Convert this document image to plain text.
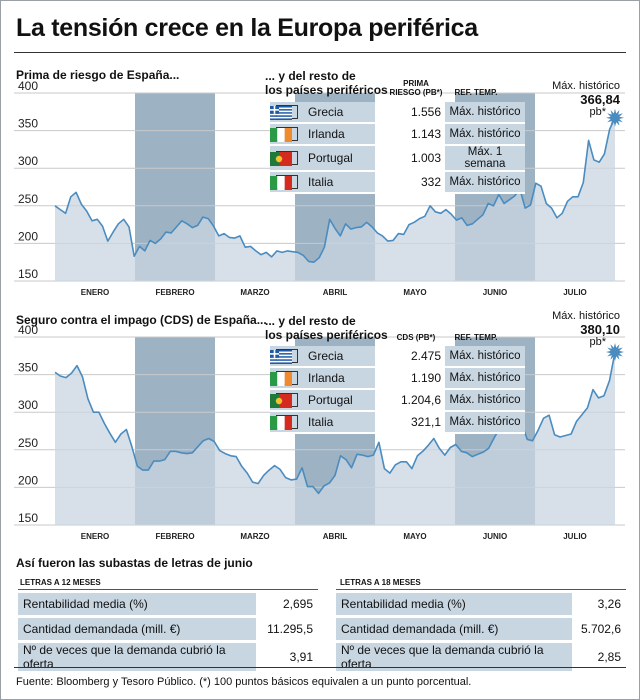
La tensión crece en la Europa periférica
Prima de riesgo de España...
150
200
250
300
350
400
ENERO	FEBRERO	MARZO	ABRIL	MAYO	JUNIO	JULIO
... y del resto de
los países periféricos	PRIMA
RIESGO (PB*)	REF. TEMP.
	Grecia	1.556	Máx. histórico

	Irlanda	1.143	Máx. histórico

	Portugal	1.003	Máx. 1 semana

	Italia	332	Máx. histórico
Máx. histórico
366,84
pb*
Seguro contra el impago (CDS) de España...
150
200
250
300
350
400
ENERO	FEBRERO	MARZO	ABRIL	MAYO	JUNIO	JULIO
... y del resto de
los países periféricos	CDS (PB*)	REF. TEMP.
	Grecia	2.475	Máx. histórico

	Irlanda	1.190	Máx. histórico

	Portugal	1.204,6	Máx. histórico

	Italia	321,1	Máx. histórico
Máx. histórico
380,10
pb*
Así fueron las subastas de letras de junio
LETRAS A 12 MESES
Rentabilidad media (%)	2,695
Cantidad demandada (mill. €)	11.295,5
Nº de veces que la demanda cubrió la oferta	3,91
LETRAS A 18 MESES
Rentabilidad media (%)	3,26
Cantidad demandada (mill. €)	5.702,6
Nº de veces que la demanda cubrió la oferta	2,85
Fuente: Bloomberg y Tesoro Público. (*) 100 puntos básicos equivalen a un punto porcentual.
